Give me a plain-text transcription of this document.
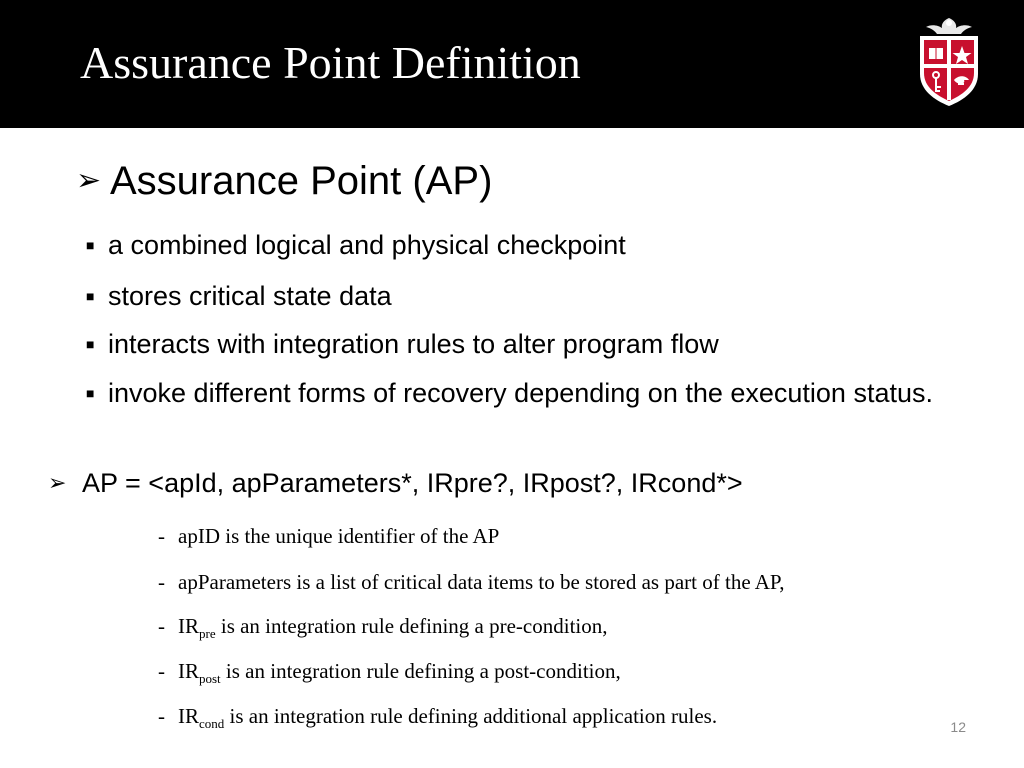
Assurance Point Definition
➢ Assurance Point (AP)
■ a combined logical and physical checkpoint
■ stores critical state data
■ interacts with integration rules to alter program flow
■ invoke different forms of recovery depending on the execution status.
➢ AP = <apId, apParameters*, IRpre?, IRpost?, IRcond*>
- apID is the unique identifier of the AP
- apParameters is a list of critical data items to be stored as part of the AP,
- $IR_{pre}$ is an integration rule defining a pre-condition,
- $IR_{post}$ is an integration rule defining a post-condition,
- $IR_{cond}$ is an integration rule defining additional application rules.	12
